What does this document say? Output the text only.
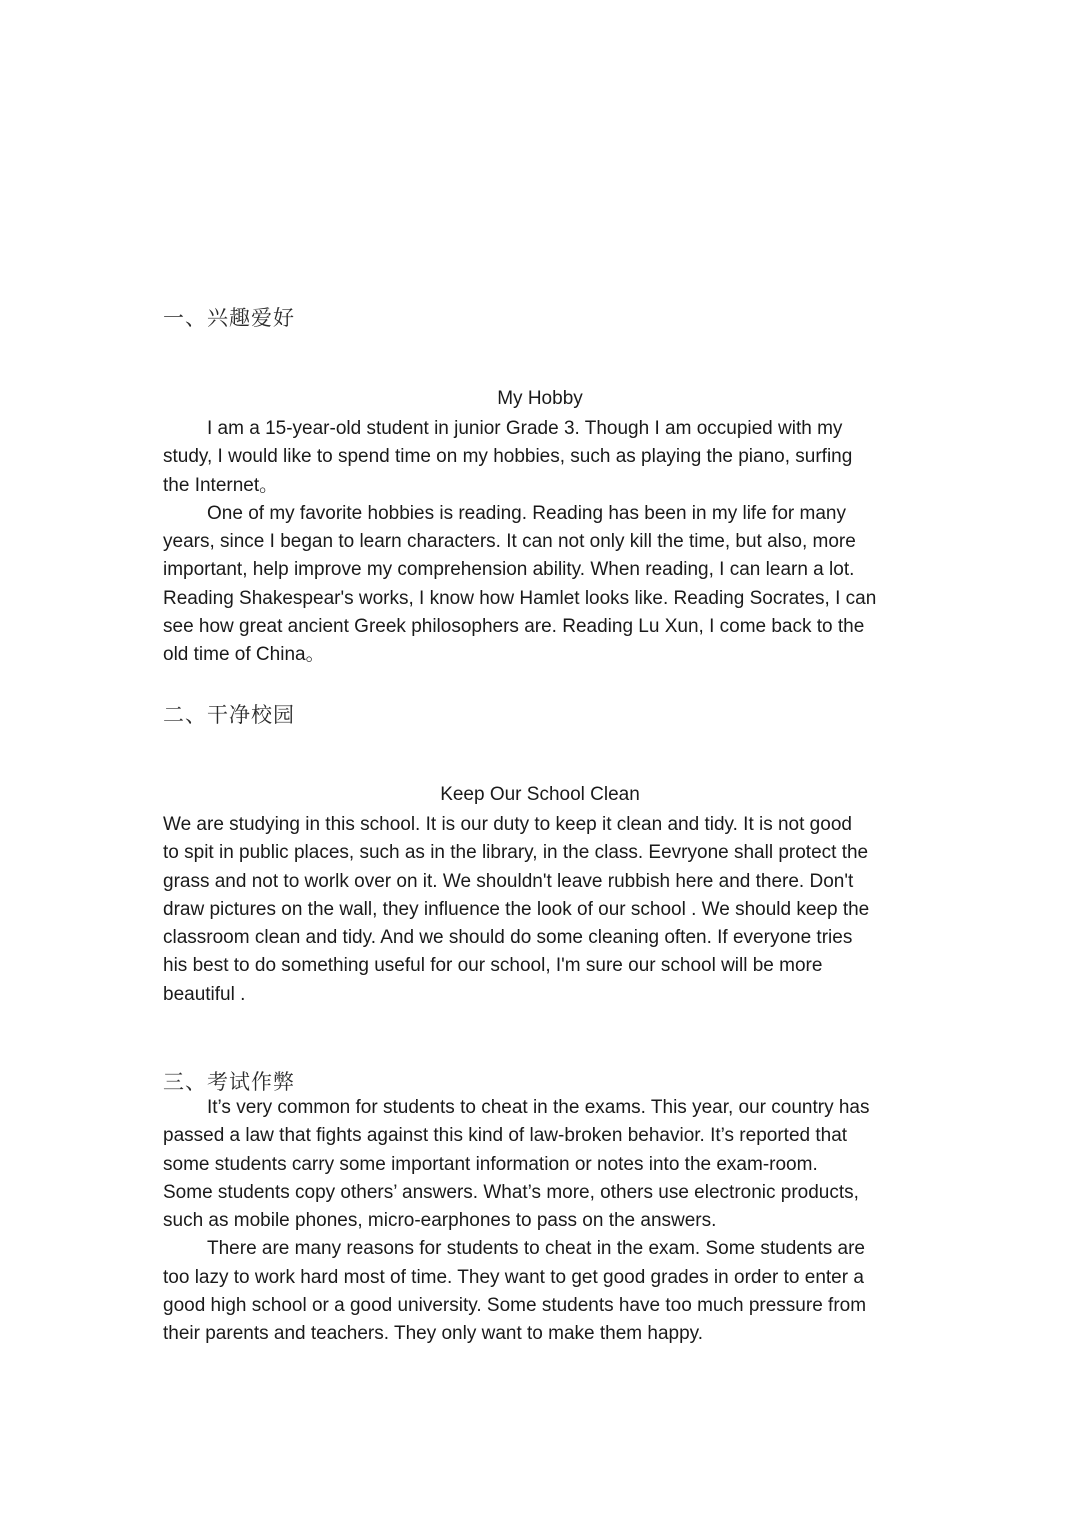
一、兴趣爱好
My Hobby
I am a 15-year-old student in junior Grade 3. Though I am occupied with my
study, I would like to spend time on my hobbies, such as playing the piano, surfing
the Internet。
One of my favorite hobbies is reading. Reading has been in my life for many
years, since I began to learn characters. It can not only kill the time, but also, more
important, help improve my comprehension ability. When reading, I can learn a lot.
Reading Shakespear's works, I know how Hamlet looks like. Reading Socrates, I can
see how great ancient Greek philosophers are. Reading Lu Xun, I come back to the
old time of China。
二、干净校园
Keep Our School Clean
We are studying in this school. It is our duty to keep it clean and tidy. It is not good
to spit in public places, such as in the library, in the class. Eevryone shall protect the
grass and not to worlk over on it. We shouldn't leave rubbish here and there. Don't
draw pictures on the wall, they influence the look of our school . We should keep the
classroom clean and tidy. And we should do some cleaning often. If everyone tries
his best to do something useful for our school, I'm sure our school will be more
beautiful .
三、考试作弊
It’s very common for students to cheat in the exams. This year, our country has
passed a law that fights against this kind of law-broken behavior. It’s reported that
some students carry some important information or notes into the exam-room.
Some students copy others’ answers. What’s more, others use electronic products,
such as mobile phones, micro-earphones to pass on the answers.
There are many reasons for students to cheat in the exam. Some students are
too lazy to work hard most of time. They want to get good grades in order to enter a
good high school or a good university. Some students have too much pressure from
their parents and teachers. They only want to make them happy.
